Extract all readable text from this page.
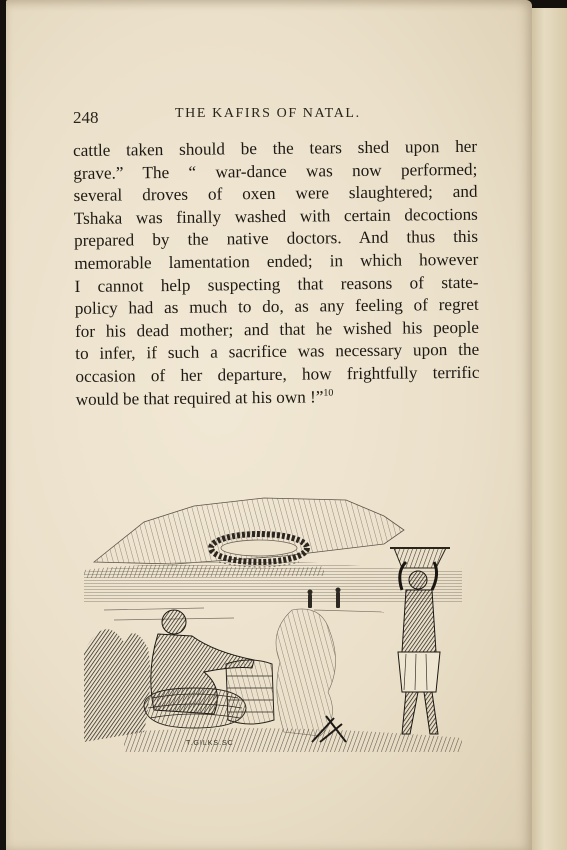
248	THE KAFIRS OF NATAL.
cattle taken should be the tears shed upon her
grave.” The “ war-dance was now performed;
several droves of oxen were slaughtered; and
Tshaka was finally washed with certain decoctions
prepared by the native doctors. And thus this
memorable lamentation ended; in which however
I cannot help suspecting that reasons of state-
policy had as much to do, as any feeling of regret
for his dead mother; and that he wished his people
to infer, if such a sacrifice was necessary upon the
occasion of her departure, how frightfully terrific
would be that required at his own !”$^{10}$
T.GILKS.SC
